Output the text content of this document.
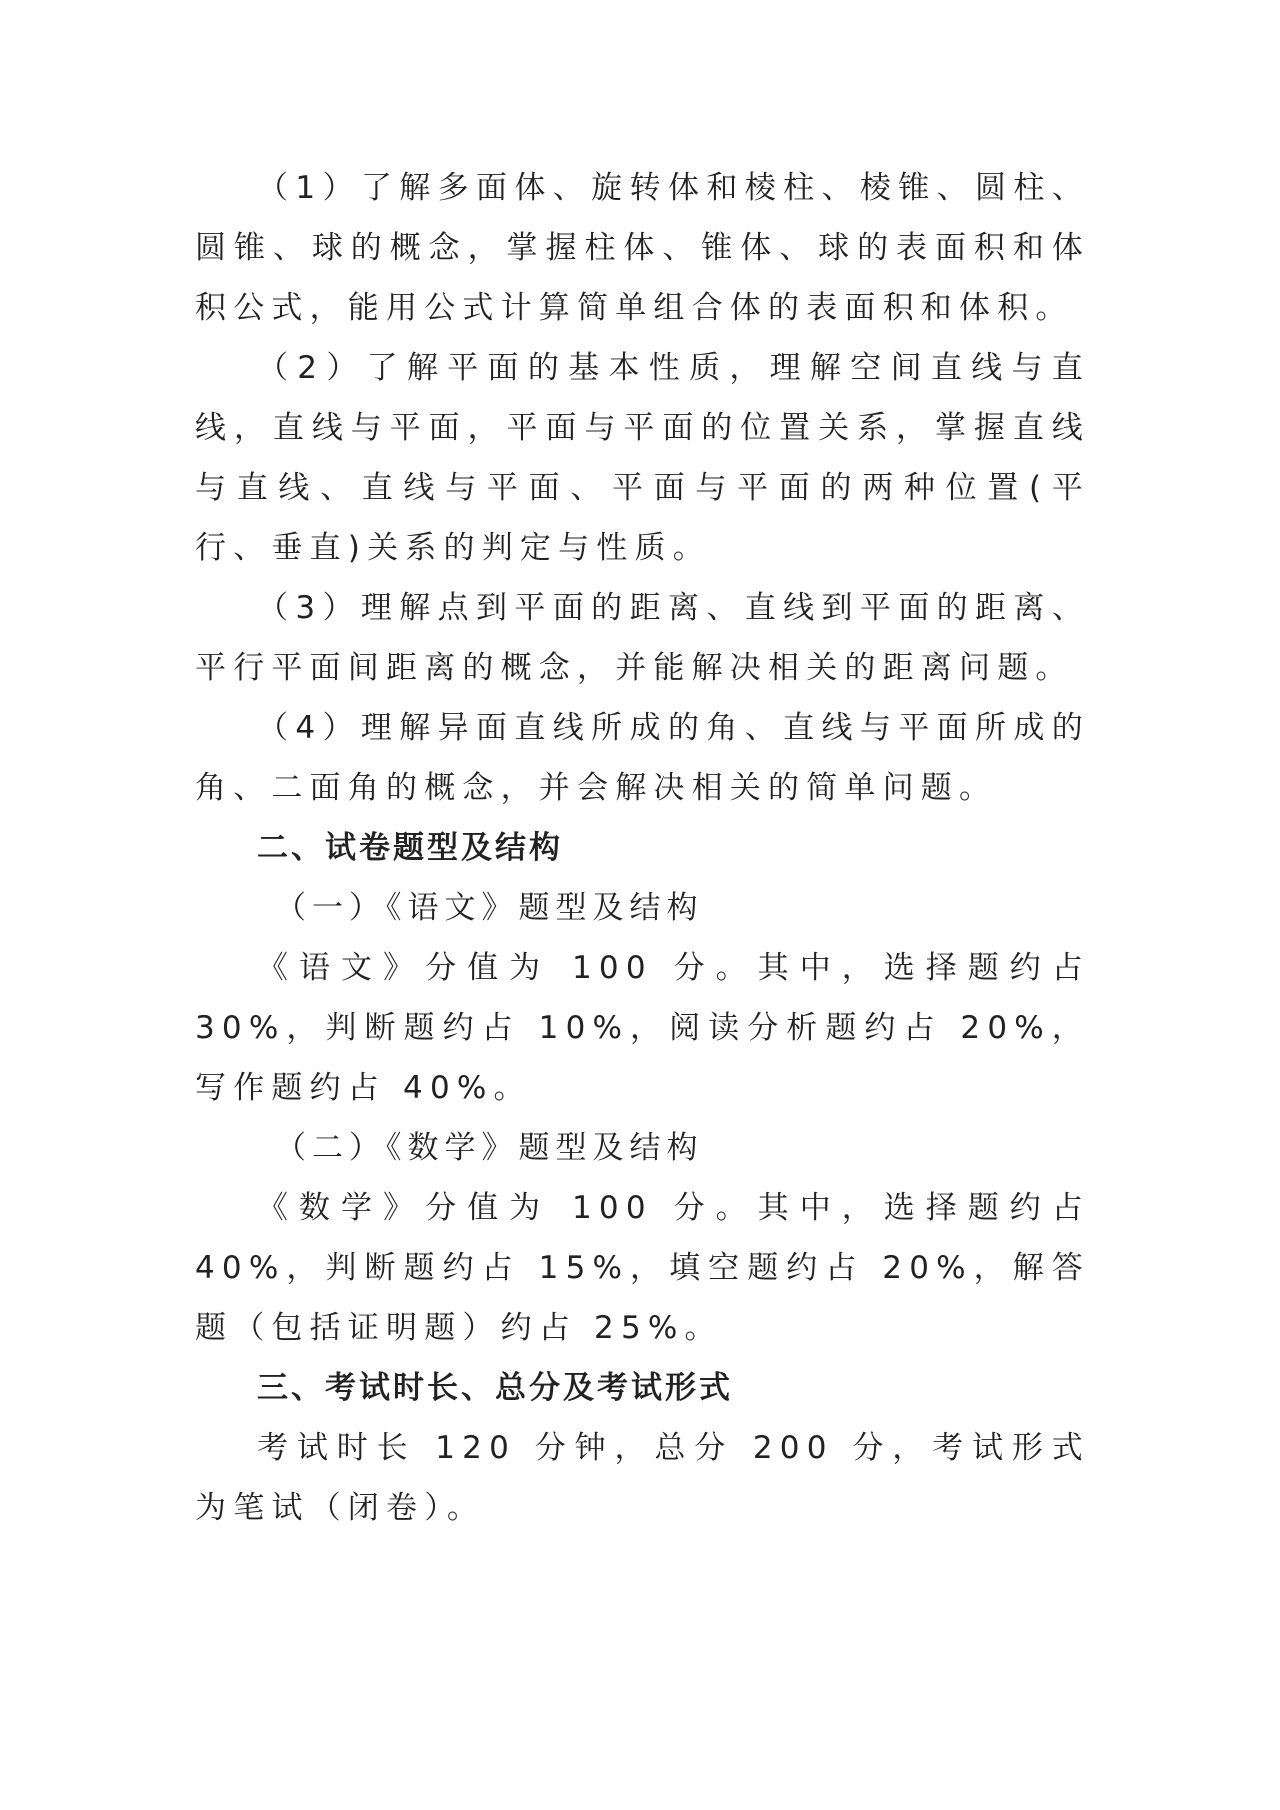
（1）了解多面体、旋转体和棱柱、棱锥、圆柱、圆锥、球的概念，掌握柱体、锥体、球的表面积和体积公式，能用公式计算简单组合体的表面积和体积。

（2）了解平面的基本性质，理解空间直线与直线，直线与平面，平面与平面的位置关系，掌握直线与直线、直线与平面、平面与平面的两种位置(平行、垂直)关系的判定与性质。

（3）理解点到平面的距离、直线到平面的距离、平行平面间距离的概念，并能解决相关的距离问题。

（4）理解异面直线所成的角、直线与平面所成的角、二面角的概念，并会解决相关的简单问题。

二、试卷题型及结构

（一）《语文》题型及结构

《语文》分值为 100 分。其中，选择题约占 30%，判断题约占 10%，阅读分析题约占 20%，写作题约占 40%。

（二）《数学》题型及结构

《数学》分值为 100 分。其中，选择题约占 40%，判断题约占 15%，填空题约占 20%，解答题（包括证明题）约占 25%。

三、考试时长、总分及考试形式

考试时长 120 分钟，总分 200 分，考试形式为笔试（闭卷）。
